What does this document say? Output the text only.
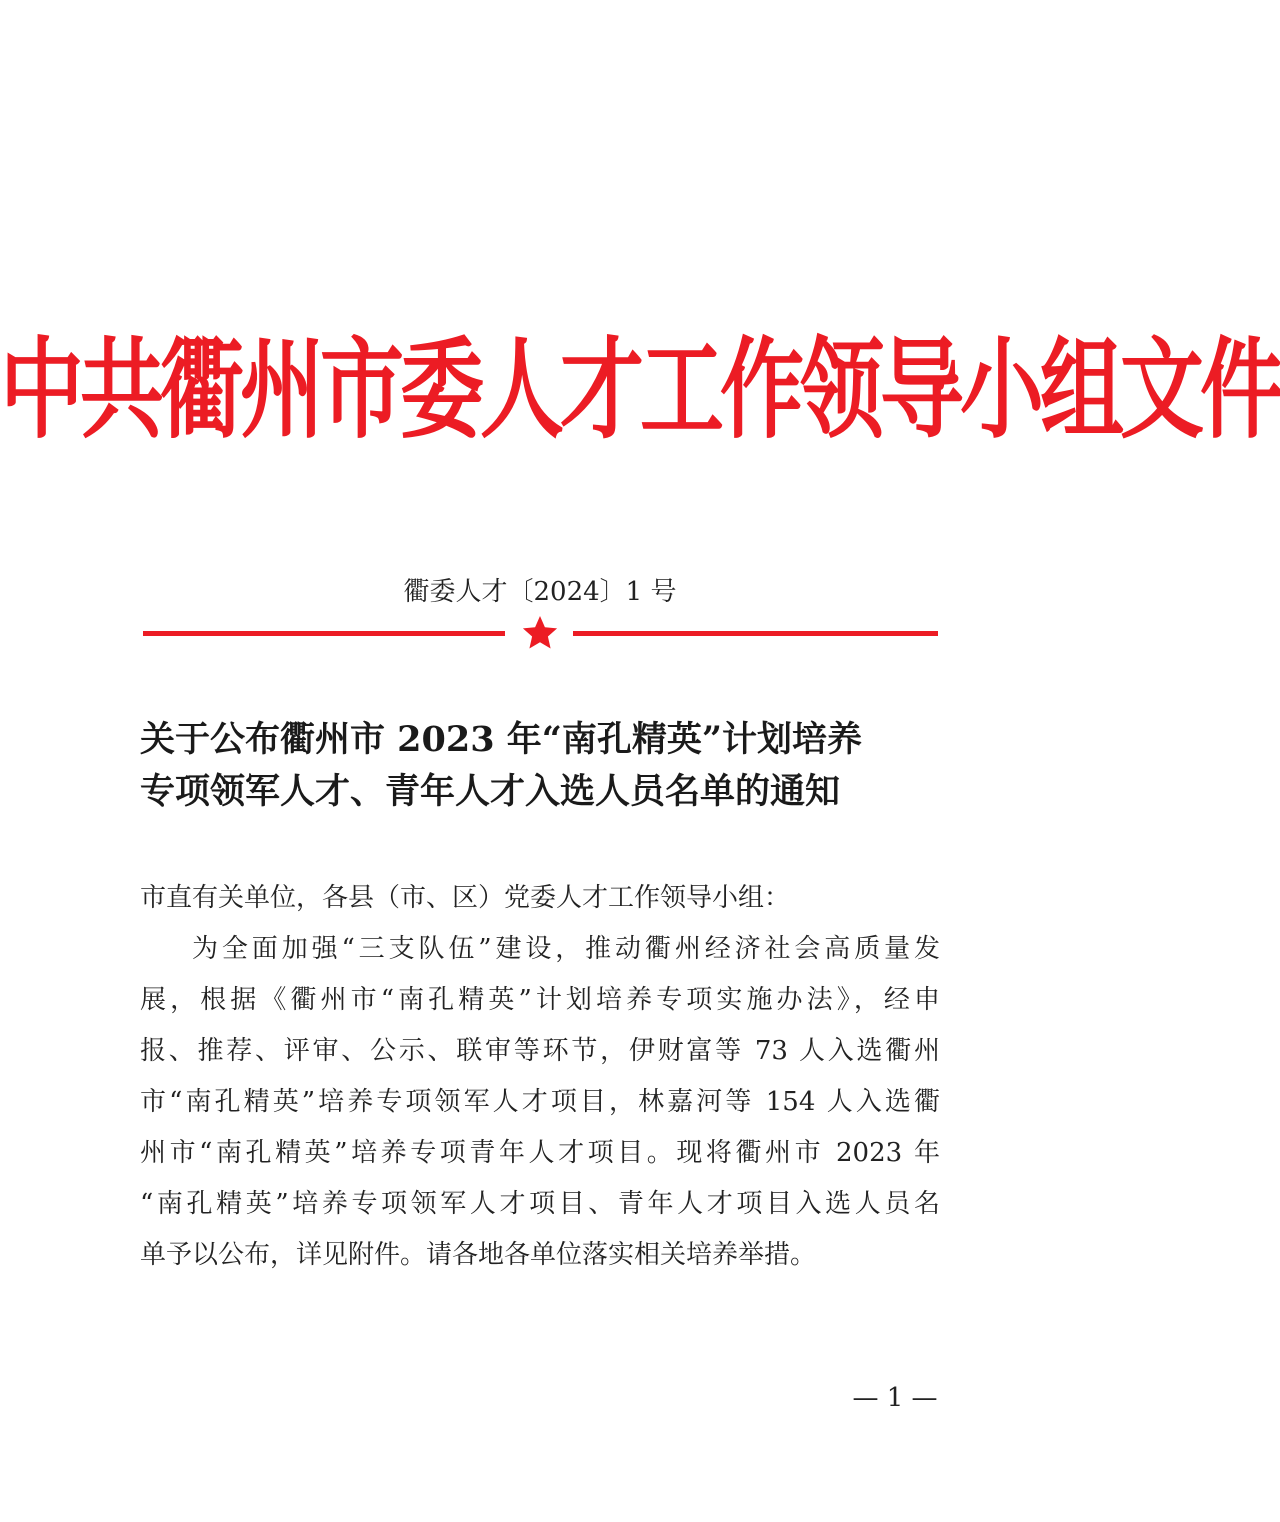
中共衢州市委人才工作领导小组文件
衢委人才〔2024〕1 号
关于公布衢州市 2023 年“南孔精英”计划培养
专项领军人才、青年人才入选人员名单的通知
市直有关单位，各县（市、区）党委人才工作领导小组：
为全面加强“三支队伍”建设，推动衢州经济社会高质量发
展，根据《衢州市“南孔精英”计划培养专项实施办法》，经申
报、推荐、评审、公示、联审等环节，伊财富等 73 人入选衢州
市“南孔精英”培养专项领军人才项目，林嘉河等 154 人入选衢
州市“南孔精英”培养专项青年人才项目。现将衢州市 2023 年
“南孔精英”培养专项领军人才项目、青年人才项目入选人员名
单予以公布，详见附件。请各地各单位落实相关培养举措。
— 1 —
